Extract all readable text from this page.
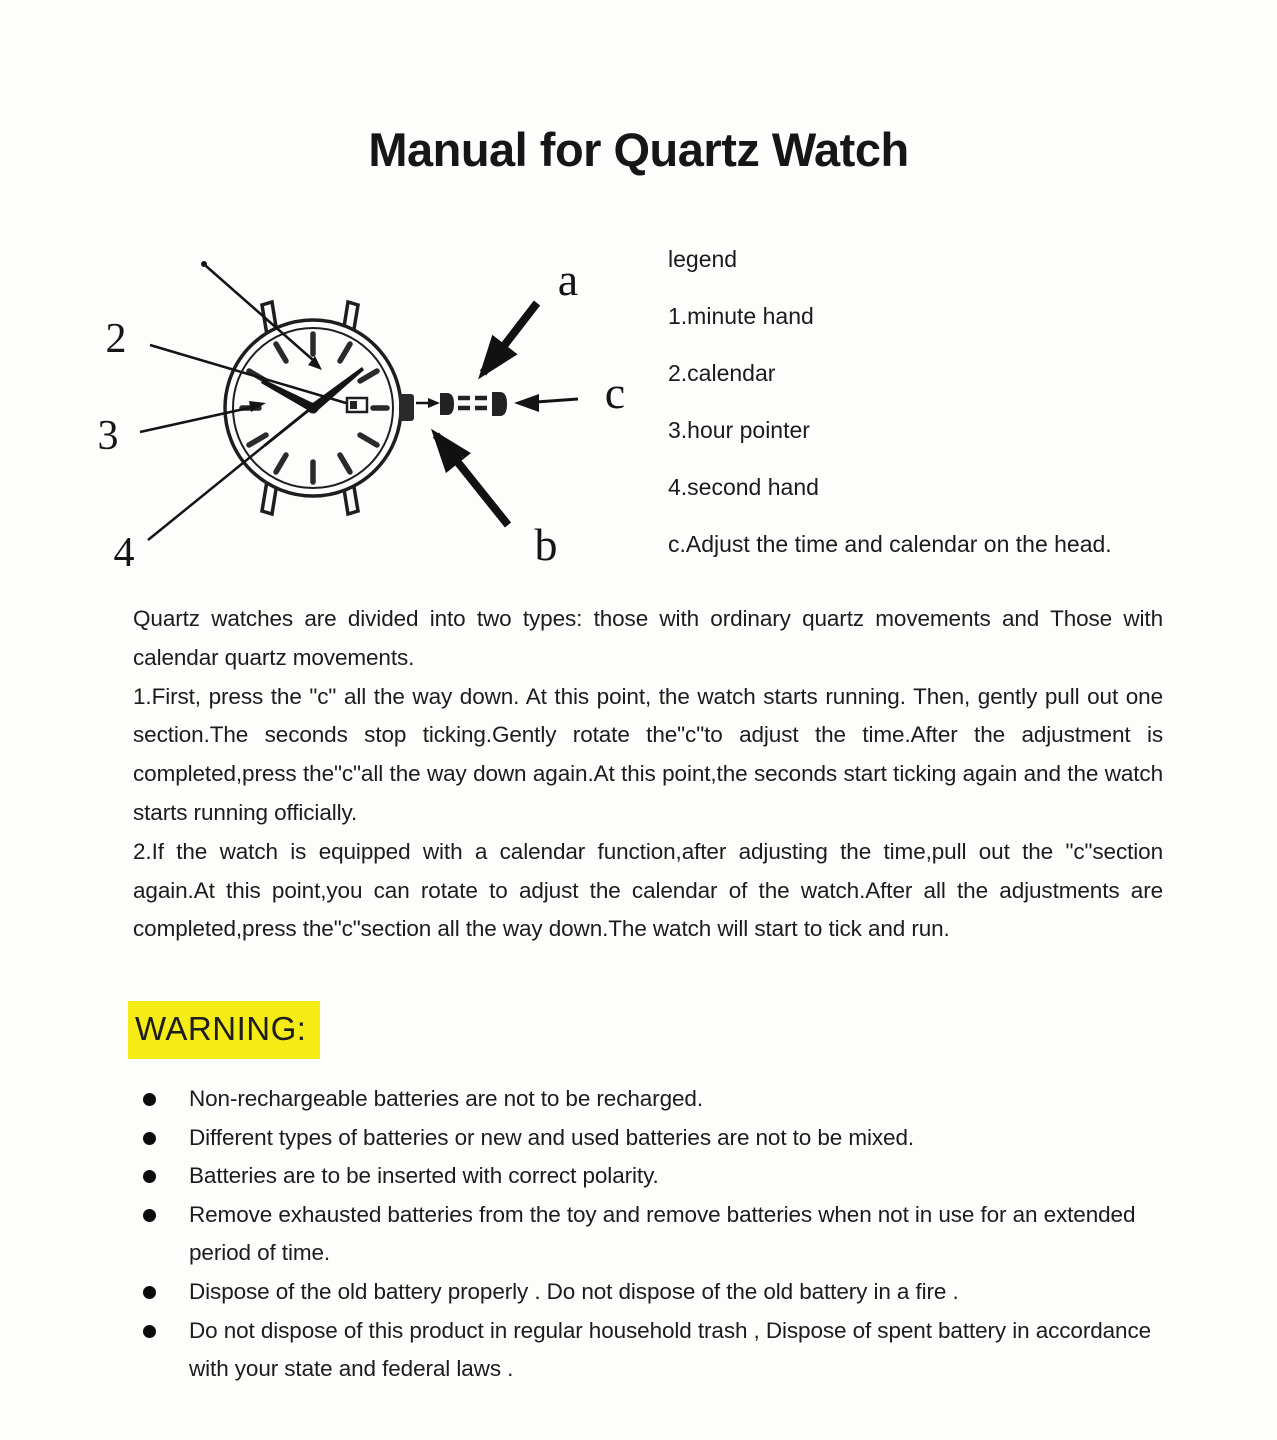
Manual for Quartz Watch
a
b
c
2
3
4
legend
1.minute hand
2.calendar
3.hour pointer
4.second hand
c.Adjust the time and calendar on the head.

Quartz watches are divided into two types: those with ordinary quartz movements and Those with calendar quartz movements.

1.First, press the "c" all the way down. At this point, the watch starts running. Then, gently pull out one section.The seconds stop ticking.Gently rotate the"c"to adjust the time.After the adjustment is completed,press the"c"all the way down again.At this point,the seconds start ticking again and the watch starts running officially.

2.If the watch is equipped with a calendar function,after adjusting the time,pull out the "c"section again.At this point,you can rotate to adjust the calendar of the watch.After all the adjustments are completed,press the"c"section all the way down.The watch will start to tick and run.

WARNING:
Non-rechargeable batteries are not to be recharged.
Different types of batteries or new and used batteries are not to be mixed.
Batteries are to be inserted with correct polarity.
Remove exhausted batteries from the toy and remove batteries when not in use for an extended period of time.
Dispose of the old battery properly . Do not dispose of the old battery in a fire .
Do not dispose of this product in regular household trash , Dispose of spent battery in accordance with your state and federal laws .
